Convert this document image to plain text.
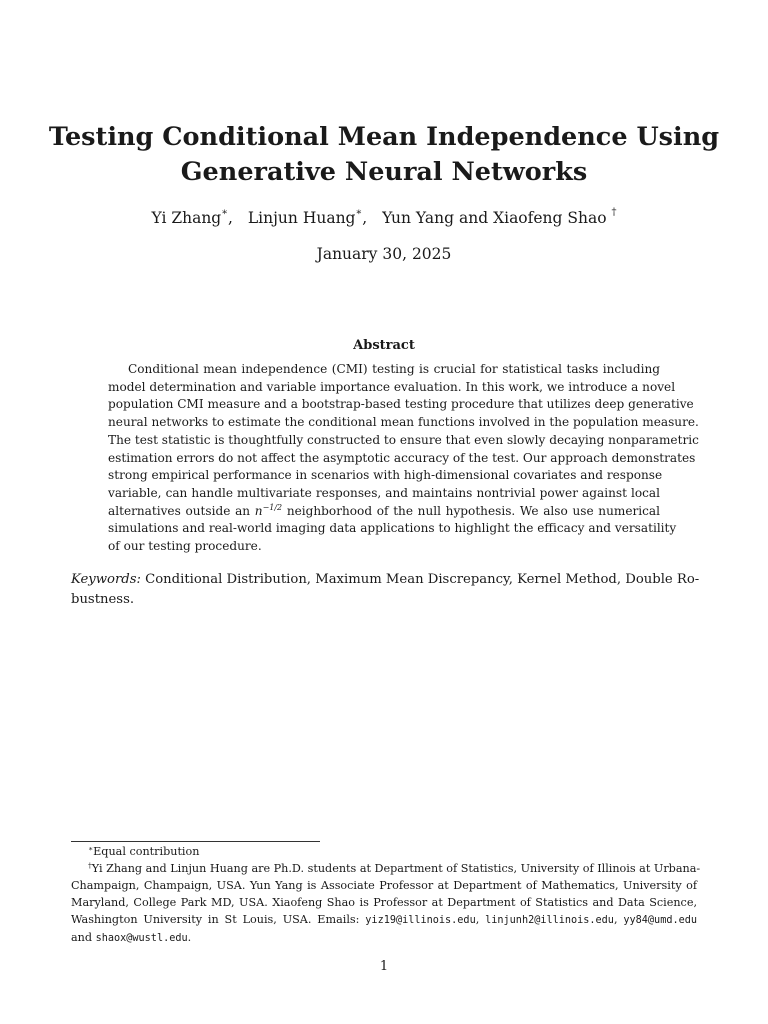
Testing Conditional Mean Independence Using
Generative Neural Networks
Yi Zhang∗, Linjun Huang∗, Yun Yang and Xiaofeng Shao †
January 30, 2025
Abstract
Conditional mean independence (CMI) testing is crucial for statistical tasks including
model determination and variable importance evaluation. In this work, we introduce a novel
population CMI measure and a bootstrap-based testing procedure that utilizes deep generative
neural networks to estimate the conditional mean functions involved in the population measure.
The test statistic is thoughtfully constructed to ensure that even slowly decaying nonparametric
estimation errors do not affect the asymptotic accuracy of the test. Our approach demonstrates
strong empirical performance in scenarios with high-dimensional covariates and response
variable, can handle multivariate responses, and maintains nontrivial power against local
alternatives outside an $n^{-1/2}$ neighborhood of the null hypothesis. We also use numerical
simulations and real-world imaging data applications to highlight the efficacy and versatility
of our testing procedure.
Keywords: Conditional Distribution, Maximum Mean Discrepancy, Kernel Method, Double Ro-
bustness.
∗Equal contribution
†Yi Zhang and Linjun Huang are Ph.D. students at Department of Statistics, University of Illinois at Urbana-
Champaign, Champaign, USA. Yun Yang is Associate Professor at Department of Mathematics, University of
Maryland, College Park MD, USA. Xiaofeng Shao is Professor at Department of Statistics and Data Science,
Washington University in St Louis, USA. Emails: yiz19@illinois.edu, linjunh2@illinois.edu, yy84@umd.edu
and shaox@wustl.edu.
1
